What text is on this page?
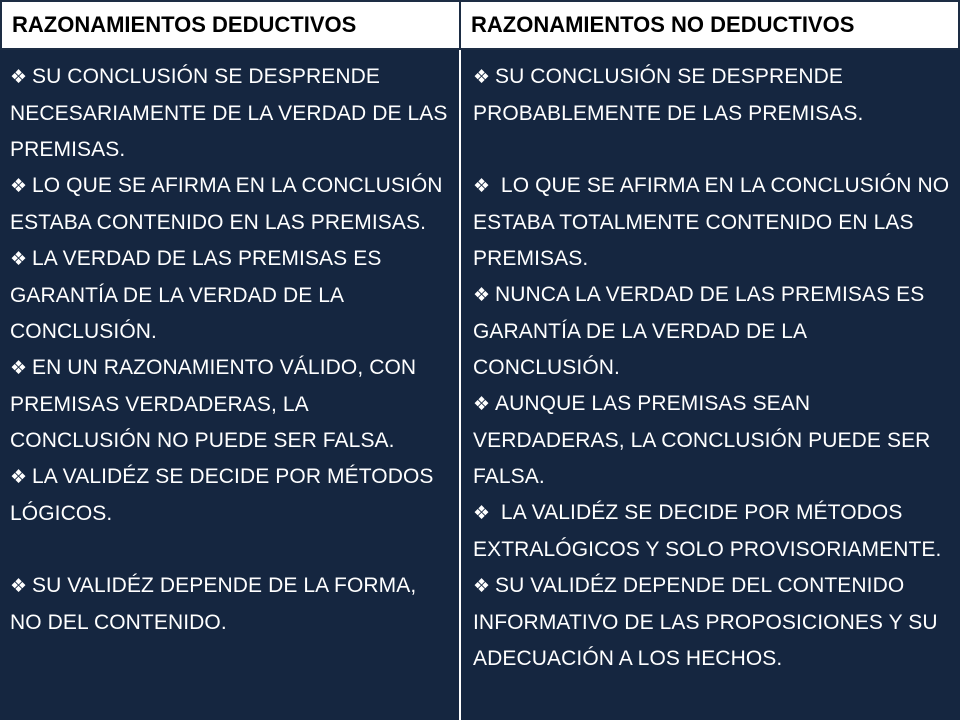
RAZONAMIENTOS DEDUCTIVOS	RAZONAMIENTOS NO DEDUCTIVOS

❖ SU CONCLUSIÓN SE DESPRENDE NECESARIAMENTE DE LA VERDAD DE LAS PREMISAS.

❖ LO QUE SE AFIRMA EN LA CONCLUSIÓN ESTABA CONTENIDO EN LAS PREMISAS.

❖ LA VERDAD DE LAS PREMISAS ES GARANTÍA DE LA VERDAD DE LA CONCLUSIÓN.

❖ EN UN RAZONAMIENTO VÁLIDO, CON PREMISAS VERDADERAS, LA CONCLUSIÓN NO PUEDE SER FALSA.

❖ LA VALIDÉZ SE DECIDE POR MÉTODOS LÓGICOS.

❖ SU VALIDÉZ DEPENDE DE LA FORMA, NO DEL CONTENIDO.

❖ SU CONCLUSIÓN SE DESPRENDE PROBABLEMENTE DE LAS PREMISAS.

❖ LO QUE SE AFIRMA EN LA CONCLUSIÓN NO ESTABA TOTALMENTE CONTENIDO EN LAS PREMISAS.

❖ NUNCA LA VERDAD DE LAS PREMISAS ES GARANTÍA DE LA VERDAD DE LA CONCLUSIÓN.

❖ AUNQUE LAS PREMISAS SEAN VERDADERAS, LA CONCLUSIÓN PUEDE SER FALSA.

❖ LA VALIDÉZ SE DECIDE POR MÉTODOS EXTRALÓGICOS Y SOLO PROVISORIAMENTE.

❖ SU VALIDÉZ DEPENDE DEL CONTENIDO INFORMATIVO DE LAS PROPOSICIONES Y SU ADECUACIÓN A LOS HECHOS.
